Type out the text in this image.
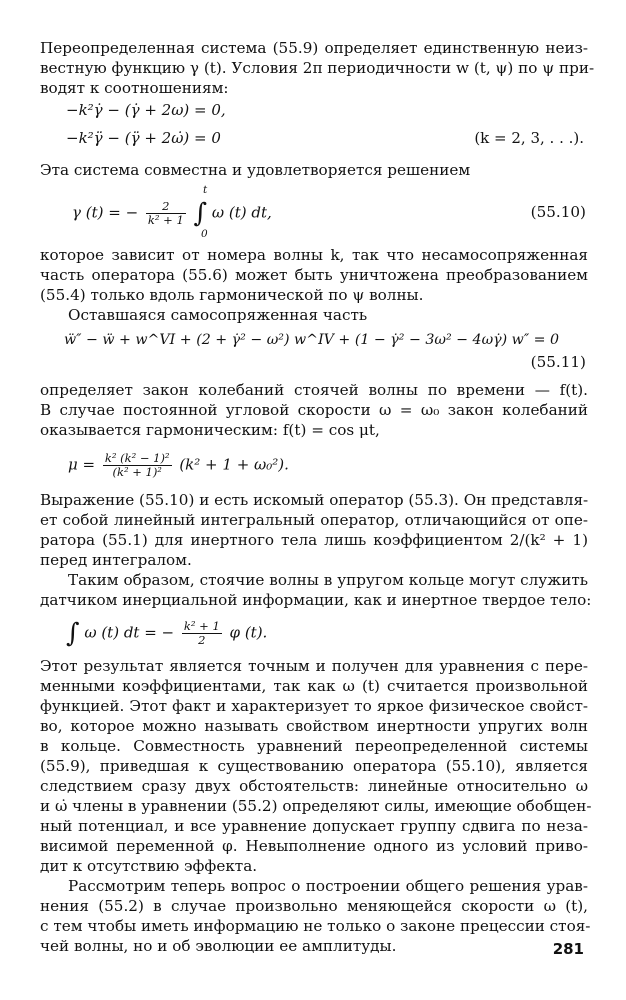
Переопределенная система (55.9) определяет единственную неиз-
вестную функцию γ (t). Условия 2π периодичности w (t, ψ) по ψ при-
водят к соотношениям:
−k²γ̇ − (γ̇ + 2ω) = 0,
−k²γ̈ − (γ̈ + 2ω̇) = 0	(k = 2, 3, . . .).
Эта система совместна и удовлетворяется решением
γ (t) = − $\frac{2}{\text{k² + 1}}$ ∫ ω (t) dt,
t
0
(55.10)
которое зависит от номера волны k, так что несамосопряженная
часть оператора (55.6) может быть уничтожена преобразованием
(55.4) только вдоль гармонической по ψ волны.
Оставшаяся самосопряженная часть
ẅ″ − ẅ + w^VI + (2 + γ̇² − ω²) w^IV + (1 − γ̇² − 3ω² − 4ωγ̇) w″ = 0
(55.11)
определяет закон колебаний стоячей волны по времени — f(t).
В случае постоянной угловой скорости ω = ω₀ закон колебаний
оказывается гармоническим: f(t) = cos μt,
$\mu = \frac{\text{k² (k² − 1)²}}{\text{(k² + 1)²}} (k^2 + 1 + \omega_0^2)$.
Выражение (55.10) и есть искомый оператор (55.3). Он представля-
ет собой линейный интегральный оператор, отличающийся от опе-
ратора (55.1) для инертного тела лишь коэффициентом 2/(k² + 1)
перед интегралом.
Таким образом, стоячие волны в упругом кольце могут служить
датчиком инерциальной информации, как и инертное твердое тело:
∫ ω (t) dt = − $\frac{\text{k² + 1}}{2}$ φ (t).
Этот результат является точным и получен для уравнения с пере-
менными коэффициентами, так как ω (t) считается произвольной
функцией. Этот факт и характеризует то яркое физическое свойст-
во, которое можно называть свойством инертности упругих волн
в кольце. Совместность уравнений переопределенной системы
(55.9), приведшая к существованию оператора (55.10), является
следствием сразу двух обстоятельств: линейные относительно ω
и ω̇ члены в уравнении (55.2) определяют силы, имеющие обобщен-
ный потенциал, и все уравнение допускает группу сдвига по неза-
висимой переменной φ. Невыполнение одного из условий приво-
дит к отсутствию эффекта.
Рассмотрим теперь вопрос о построении общего решения урав-
нения (55.2) в случае произвольно меняющейся скорости ω (t),
с тем чтобы иметь информацию не только о законе прецессии стоя-
чей волны, но и об эволюции ее амплитуды.	281
